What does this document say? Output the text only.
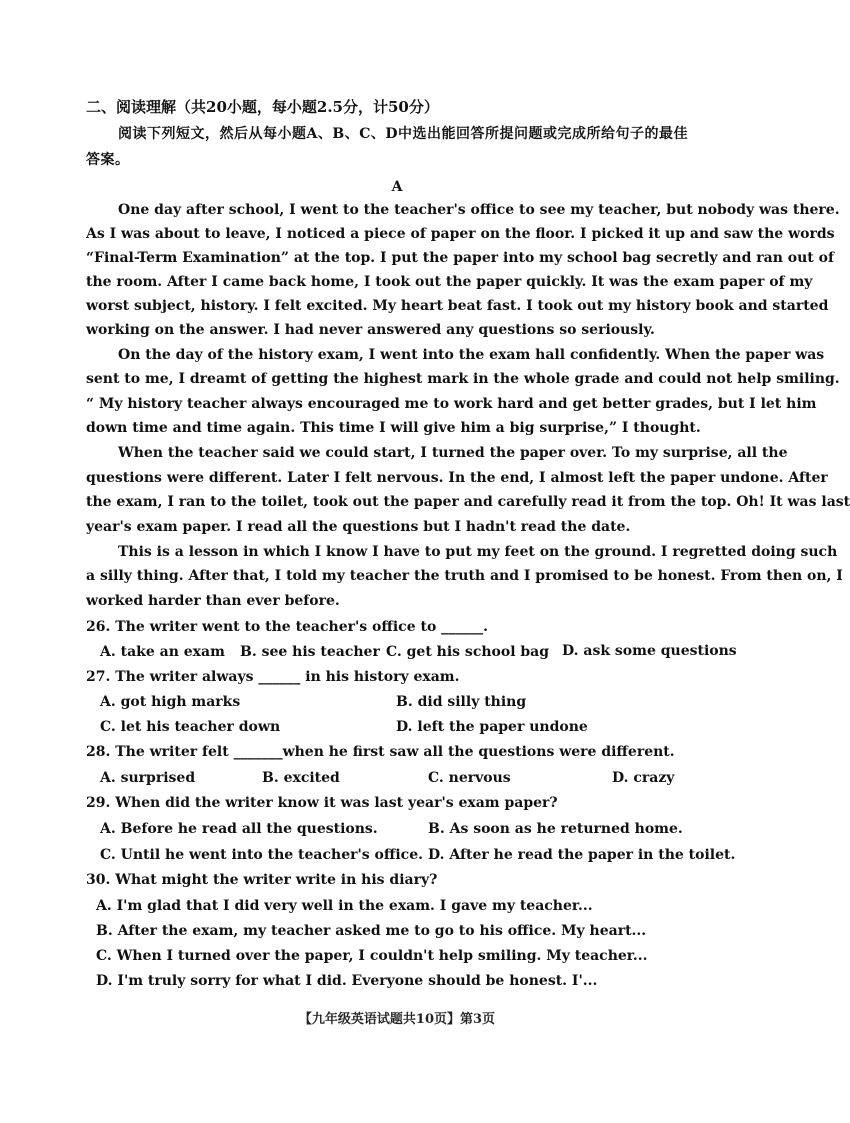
二、阅读理解（共20小题，每小题2.5分，计50分）
阅读下列短文，然后从每小题A、B、C、D中选出能回答所提问题或完成所给句子的最佳
答案。
A
One day after school, I went to the teacher's office to see my teacher, but nobody was there.
As I was about to leave, I noticed a piece of paper on the floor. I picked it up and saw the words
“Final-Term Examination” at the top. I put the paper into my school bag secretly and ran out of
the room. After I came back home, I took out the paper quickly. It was the exam paper of my
worst subject, history. I felt excited. My heart beat fast. I took out my history book and started
working on the answer. I had never answered any questions so seriously.
On the day of the history exam, I went into the exam hall confidently. When the paper was
sent to me, I dreamt of getting the highest mark in the whole grade and could not help smiling.
“ My history teacher always encouraged me to work hard and get better grades, but I let him
down time and time again. This time I will give him a big surprise,” I thought.
When the teacher said we could start, I turned the paper over. To my surprise, all the
questions were different. Later I felt nervous. In the end, I almost left the paper undone. After
the exam, I ran to the toilet, took out the paper and carefully read it from the top. Oh! It was last
year's exam paper. I read all the questions but I hadn't read the date.
This is a lesson in which I know I have to put my feet on the ground. I regretted doing such
a silly thing. After that, I told my teacher the truth and I promised to be honest. From then on, I
worked harder than ever before.
26. The writer went to the teacher's office to ______.
A. take an exam B. see his teacher C. get his school bag D. ask some questions
27. The writer always ______ in his history exam.
A. got high marks	B. did silly thing
C. let his teacher down	D. left the paper undone
28. The writer felt _______when he first saw all the questions were different.
A. surprised	B. excited	C. nervous	D. crazy
29. When did the writer know it was last year's exam paper?
A. Before he read all the questions.	B. As soon as he returned home.
C. Until he went into the teacher's office. D. After he read the paper in the toilet.
30. What might the writer write in his diary?
A. I'm glad that I did very well in the exam. I gave my teacher...
B. After the exam, my teacher asked me to go to his office. My heart...
C. When I turned over the paper, I couldn't help smiling. My teacher...
D. I'm truly sorry for what I did. Everyone should be honest. I'...
【九年级英语试题共10页】第3页
